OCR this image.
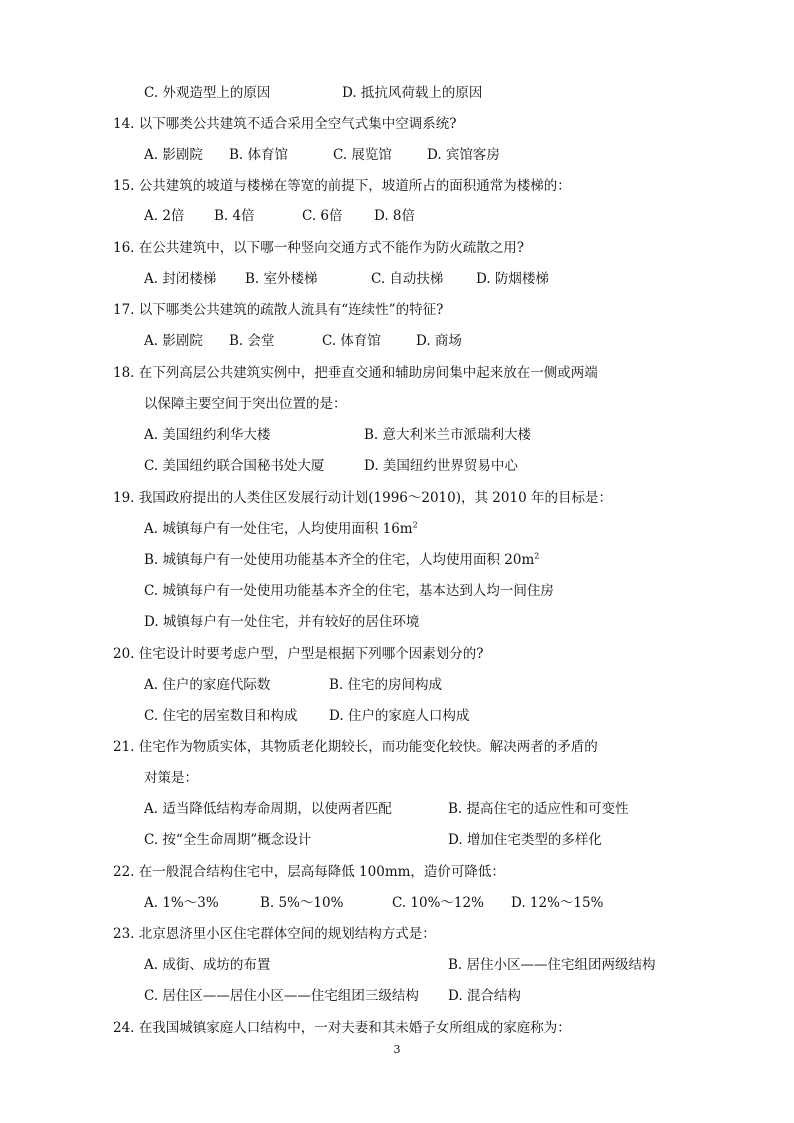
C. 外观造型上的原因	D. 抵抗风荷载上的原因
14. 以下哪类公共建筑不适合采用全空气式集中空调系统?
A. 影剧院 B. 体育馆	C. 展览馆	D. 宾馆客房
15. 公共建筑的坡道与楼梯在等宽的前提下，坡道所占的面积通常为楼梯的：
A. 2倍 B. 4倍	C. 6倍 D. 8倍
16. 在公共建筑中，以下哪一种竖向交通方式不能作为防火疏散之用?
A. 封闭楼梯 B. 室外楼梯	C. 自动扶梯 D. 防烟楼梯
17. 以下哪类公共建筑的疏散人流具有“连续性”的特征?
A. 影剧院 B. 会堂	C. 体育馆	D. 商场
18. 在下列高层公共建筑实例中，把垂直交通和辅助房间集中起来放在一侧或两端
以保障主要空间于突出位置的是：
A. 美国纽约利华大楼	B. 意大利米兰市派瑞利大楼
C. 美国纽约联合国秘书处大厦	D. 美国纽约世界贸易中心
19. 我国政府提出的人类住区发展行动计划(1996～2010)，其 2010 年的目标是：
A. 城镇每户有一处住宅，人均使用面积 $16m^2$
B. 城镇每户有一处使用功能基本齐全的住宅，人均使用面积 $20m^2$
C. 城镇每户有一处使用功能基本齐全的住宅，基本达到人均一间住房
D. 城镇每户有一处住宅，并有较好的居住环境
20. 住宅设计时要考虑户型，户型是根据下列哪个因素划分的?
A. 住户的家庭代际数	B. 住宅的房间构成
C. 住宅的居室数目和构成 D. 住户的家庭人口构成
21. 住宅作为物质实体，其物质老化期较长，而功能变化较快。解决两者的矛盾的
对策是：
A. 适当降低结构寿命周期，以使两者匹配	B. 提高住宅的适应性和可变性
C. 按“全生命周期”概念设计	D. 增加住宅类型的多样化
22. 在一般混合结构住宅中，层高每降低 100mm，造价可降低：
A. 1%～3%	B. 5%～10%	C. 10%～12% D. 12%～15%
23. 北京恩济里小区住宅群体空间的规划结构方式是：
A. 成街、成坊的布置	B. 居住小区——住宅组团两级结构
C. 居住区——居住小区——住宅组团三级结构 D. 混合结构
24. 在我国城镇家庭人口结构中，一对夫妻和其未婚子女所组成的家庭称为：
3
